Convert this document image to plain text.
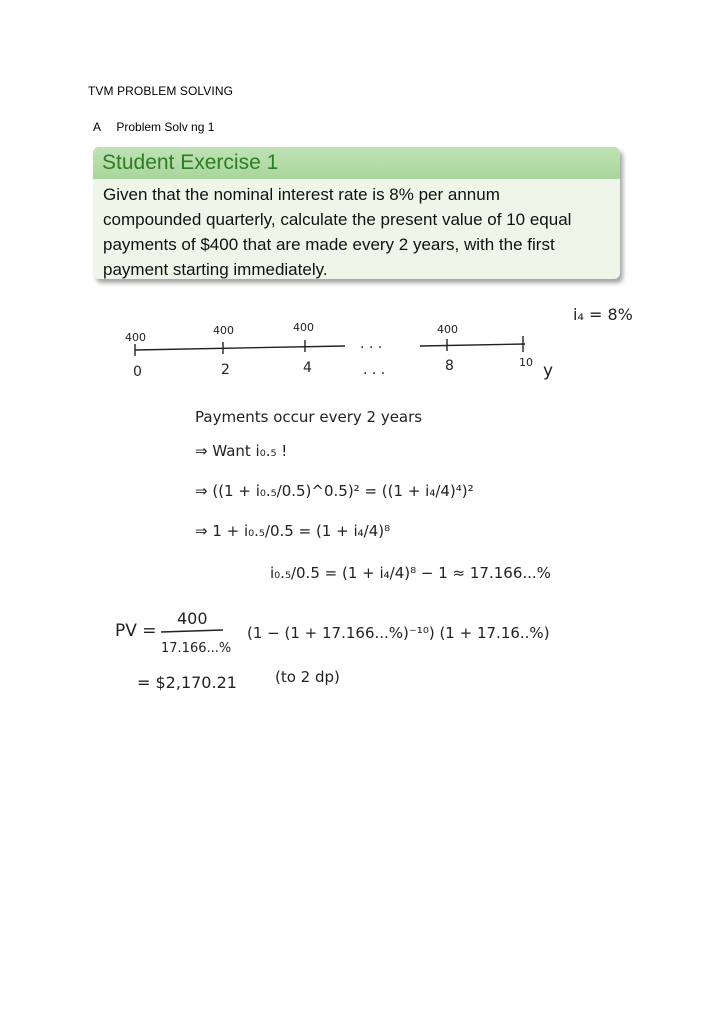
TVM PROBLEM SOLVING
A Problem Solv ng 1
Student Exercise 1
Given that the nominal interest rate is 8% per annum
compounded quarterly, calculate the present value of 10 equal
payments of $400 that are made every 2 years, with the first
payment starting immediately.
i₄ = 8%
400
400	400	400
0	2	4	8	10
. . .
. . .	y
Payments occur every 2 years
⇒ Want i₀.₅ !
⇒ ((1 + i₀.₅/0.5)^0.5)² = ((1 + i₄/4)⁴)²
⇒ 1 + i₀.₅/0.5 = (1 + i₄/4)⁸
i₀.₅/0.5 = (1 + i₄/4)⁸ − 1 ≈ 17.166...%
PV =
400
17.166...%
(1 − (1 + 17.166...%)⁻¹⁰) (1 + 17.16..%)
= $2,170.21	(to 2 dp)
